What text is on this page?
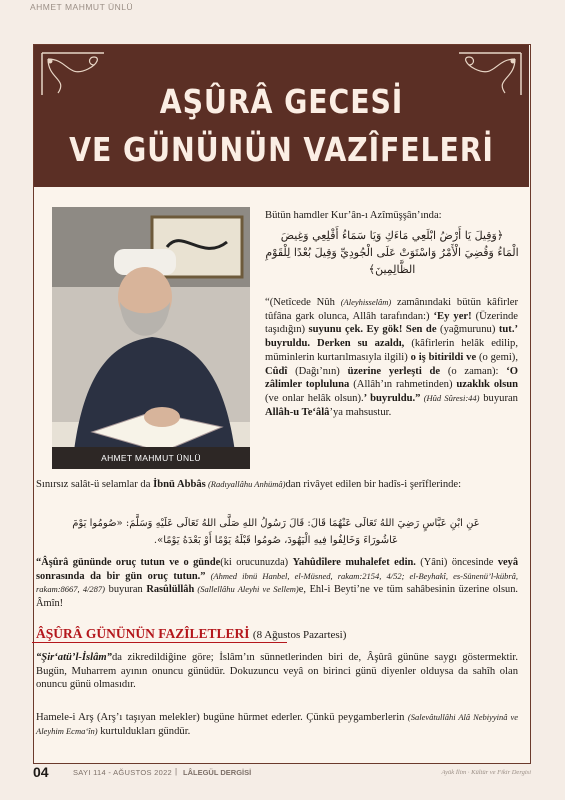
AHMET MAHMUT ÜNLÜ
AŞÛRÂ GECESİ
VE GÜNÜNÜN VAZÎFELERİ
AHMET MAHMUT ÜNLÜ
Bütün hamdler Kur’ân-ı Azîmüşşân’ında:
﴿وَقِيلَ يَا أَرْضُ ابْلَعِي مَاءَكِ وَيَا سَمَاءُ أَقْلِعِي وَغِيضَ
الْمَاءُ وَقُضِيَ الْأَمْرُ وَاسْتَوَتْ عَلَى الْجُودِيِّ وَقِيلَ بُعْدًا لِلْقَوْمِ
الظَّالِمِينَ﴾
“(Netîcede Nûh (Aleyhisselâm) zamânındaki bütün kâfirler tûfâna gark olunca, Allâh tarafından:) ‘Ey yer! (Üzerinde taşıdığın) suyunu çek. Ey gök! Sen de (yağmurunu) tut.’ buyruldu. Derken su azaldı, (kâfirlerin helâk edilip, müminlerin kurtarılmasıyla ilgili) o iş bitirildi ve (o gemi), Cûdî (Dağı’nın) üzerine yerleşti de (o zaman): ‘O zâlimler topluluna (Allâh’ın rahmetinden) uzaklık olsun (ve onlar helâk olsun).’ buyruldu.” (Hûd Sûresi:44) buyuran Allâh-u Te‘âlâ’ya mahsustur.
Sınırsız salât-ü selamlar da İbnü Abbâs (Radıyallâhu Anhümâ)dan rivâyet edilen bir hadîs-i şerîflerinde:
عَنِ ابْنِ عَبَّاسٍ رَضِيَ اللهُ تَعَالَى عَنْهُمَا قَالَ: قَالَ رَسُولُ اللهِ صَلَّى اللهُ تَعَالَى عَلَيْهِ وَسَلَّمَ: «صُومُوا يَوْمَ
عَاشُورَاءَ وَخَالِفُوا فِيهِ الْيَهُودَ، صُومُوا قَبْلَهُ يَوْمًا أَوْ بَعْدَهُ يَوْمًا».
“Âşûrâ gününde oruç tutun ve o günde(ki orucunuzda) Yahûdîlere muhalefet edin. (Yâni) öncesinde veyâ sonrasında da bir gün oruç tutun.” (Ahmed ibnü Hanbel, el-Müsned, rakam:2154, 4/52; el-Beyhakî, es-Sünenü’l-kübrâ, rakam:8667, 4/287) buyuran Rasûlüllâh (Sallellâhu Aleyhi ve Sellem)e, Ehl-i Beyti’ne ve tüm sahâbesinin üzerine olsun. Âmîn!
ÂŞÛRÂ GÜNÜNÜN FAZÎLETLERİ (8 Ağustos Pazartesi)
“Şir‘atü’l-İslâm”da zikredildiğine göre; İslâm’ın sünnetlerinden biri de, Âşûrâ gününe saygı göstermektir. Bugün, Muharrem ayının onuncu günüdür. Dokuzuncu veyâ on birinci günü diyenler olduysa da sahîh olan onuncu günü olmasıdır.
Hamele-i Arş (Arş’ı taşıyan melekler) bugüne hürmet ederler. Çünkü peygamberlerin (Salevâtullâhi Alâ Nebiyyinâ ve Aleyhim Ecma‘în) kurtuldukları gündür.
04	SAYI 114 - AĞUSTOS 2022 | LÂLEGÜL DERGİSİ	Ayük İlim · Kültür ve Fikir Dergisi
